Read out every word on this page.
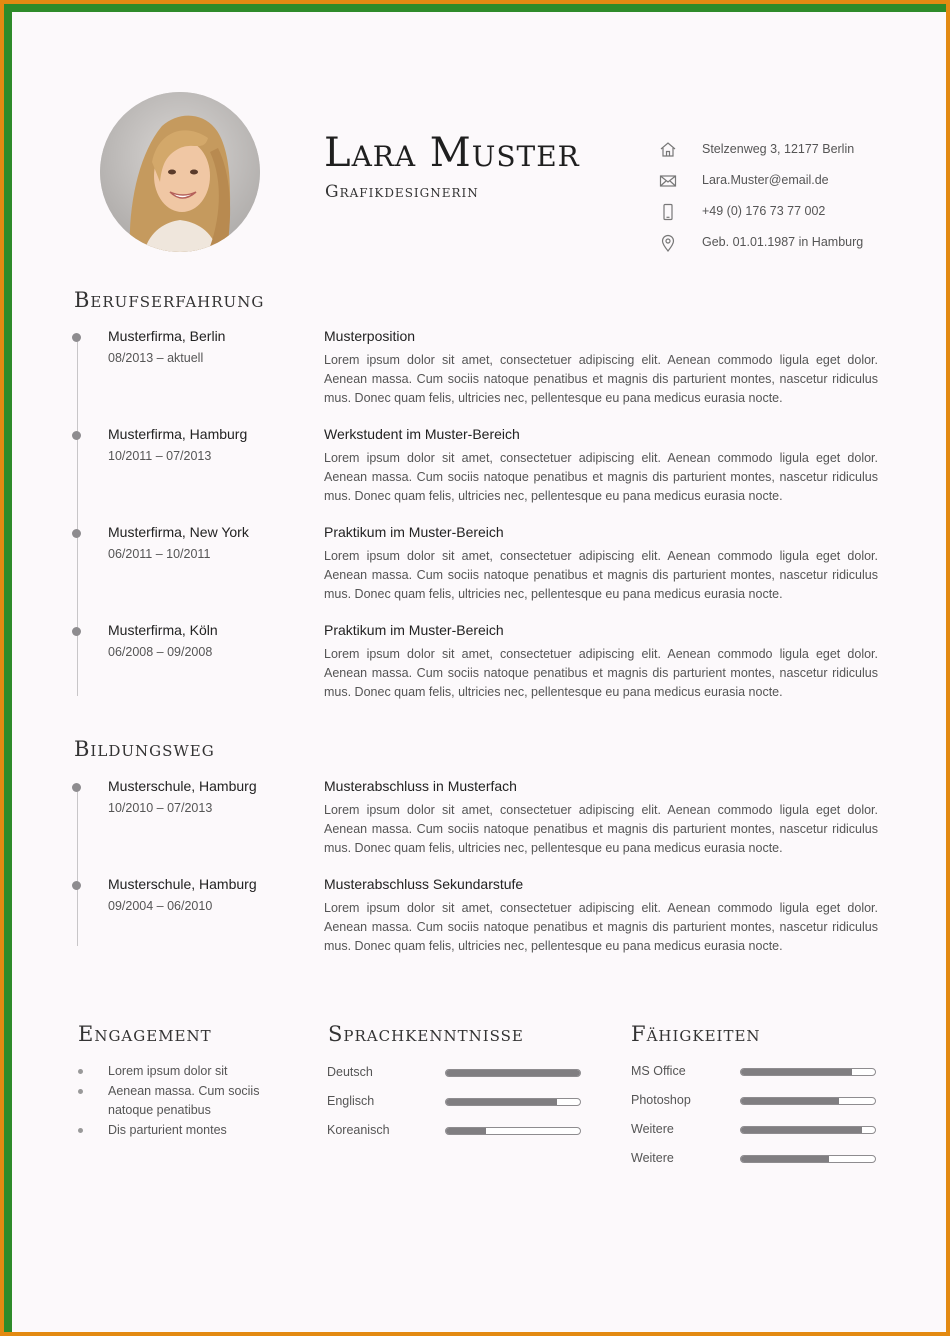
Lara Muster
Grafikdesignerin
Stelzenweg 3, 12177 Berlin
Lara.Muster@email.de
+49 (0) 176 73 77 002
Geb. 01.01.1987 in Hamburg
Berufserfahrung
Musterfirma, Berlin
08/2013 – aktuell
Musterposition
Lorem ipsum dolor sit amet, consectetuer adipiscing elit. Aenean commodo ligula eget dolor. Aenean massa. Cum sociis natoque penatibus et magnis dis parturient montes, nascetur ridiculus mus. Donec quam felis, ultricies nec, pellentesque eu pana medicus eurasia nocte.
Musterfirma, Hamburg
10/2011 – 07/2013
Werkstudent im Muster-Bereich
Lorem ipsum dolor sit amet, consectetuer adipiscing elit. Aenean commodo ligula eget dolor. Aenean massa. Cum sociis natoque penatibus et magnis dis parturient montes, nascetur ridiculus mus. Donec quam felis, ultricies nec, pellentesque eu pana medicus eurasia nocte.
Musterfirma, New York
06/2011 – 10/2011
Praktikum im Muster-Bereich
Lorem ipsum dolor sit amet, consectetuer adipiscing elit. Aenean commodo ligula eget dolor. Aenean massa. Cum sociis natoque penatibus et magnis dis parturient montes, nascetur ridiculus mus. Donec quam felis, ultricies nec, pellentesque eu pana medicus eurasia nocte.
Musterfirma, Köln
06/2008 – 09/2008
Praktikum im Muster-Bereich
Lorem ipsum dolor sit amet, consectetuer adipiscing elit. Aenean commodo ligula eget dolor. Aenean massa. Cum sociis natoque penatibus et magnis dis parturient montes, nascetur ridiculus mus. Donec quam felis, ultricies nec, pellentesque eu pana medicus eurasia nocte.
Bildungsweg
Musterschule, Hamburg
10/2010 – 07/2013
Musterabschluss in Musterfach
Lorem ipsum dolor sit amet, consectetuer adipiscing elit. Aenean commodo ligula eget dolor. Aenean massa. Cum sociis natoque penatibus et magnis dis parturient montes, nascetur ridiculus mus. Donec quam felis, ultricies nec, pellentesque eu pana medicus eurasia nocte.
Musterschule, Hamburg
09/2004 – 06/2010
Musterabschluss Sekundarstufe
Lorem ipsum dolor sit amet, consectetuer adipiscing elit. Aenean commodo ligula eget dolor. Aenean massa. Cum sociis natoque penatibus et magnis dis parturient montes, nascetur ridiculus mus. Donec quam felis, ultricies nec, pellentesque eu pana medicus eurasia nocte.
Engagement
Lorem ipsum dolor sit
Aenean massa. Cum sociis natoque penatibus
Dis parturient montes
Sprachkenntnisse
Deutsch
Englisch
Koreanisch
Fähigkeiten
MS Office
Photoshop
Weitere
Weitere
